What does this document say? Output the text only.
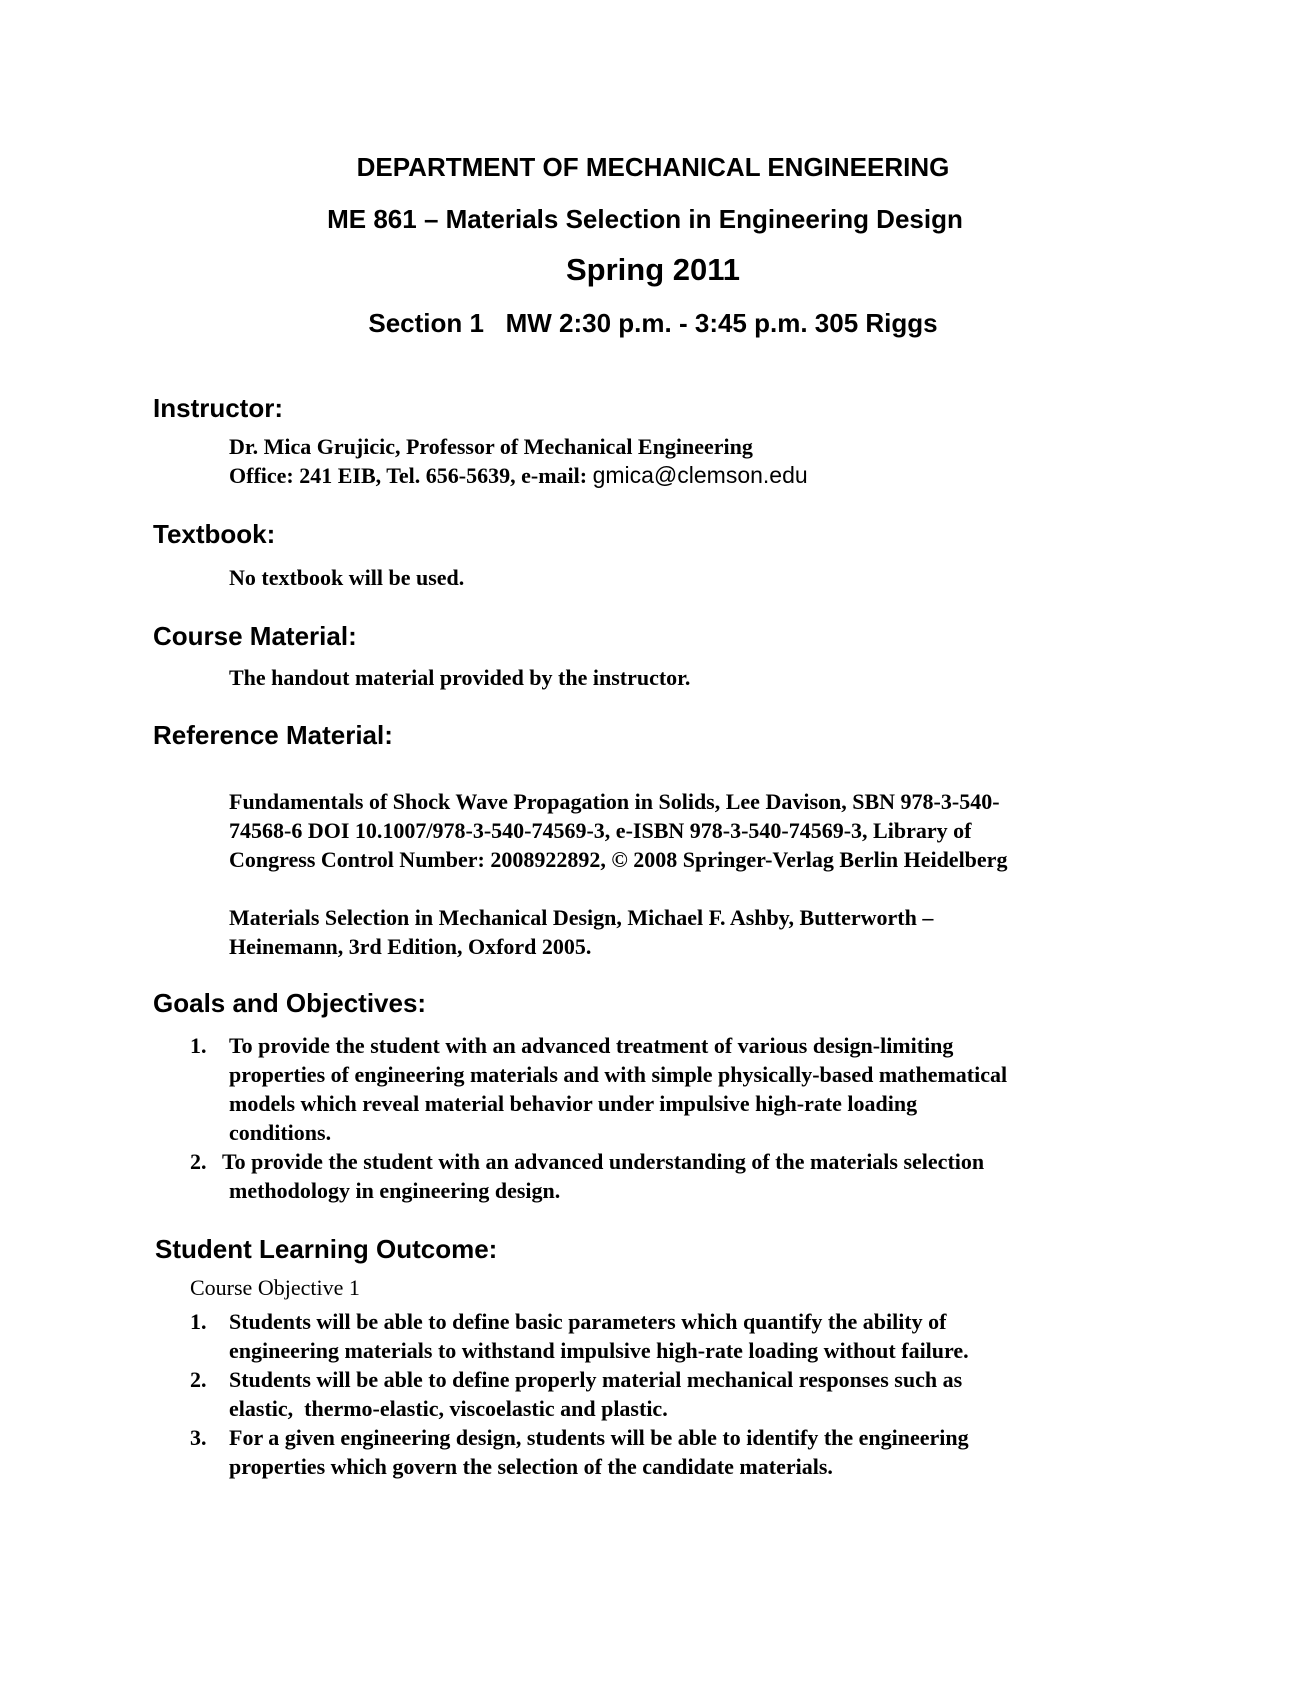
DEPARTMENT OF MECHANICAL ENGINEERING
ME 861 – Materials Selection in Engineering Design
Spring 2011
Section 1   MW 2:30 p.m. - 3:45 p.m. 305 Riggs
Instructor:
Dr. Mica Grujicic, Professor of Mechanical Engineering
Office: 241 EIB, Tel. 656-5639, e-mail: gmica@clemson.edu
Textbook:
No textbook will be used.
Course Material:
The handout material provided by the instructor.
Reference Material:
Fundamentals of Shock Wave Propagation in Solids, Lee Davison, SBN 978-3-540-
74568-6 DOI 10.1007/978-3-540-74569-3, e-ISBN 978-3-540-74569-3, Library of
Congress Control Number: 2008922892, © 2008 Springer-Verlag Berlin Heidelberg
Materials Selection in Mechanical Design, Michael F. Ashby, Butterworth –
Heinemann, 3rd Edition, Oxford 2005.
Goals and Objectives:
1. To provide the student with an advanced treatment of various design-limiting
properties of engineering materials and with simple physically-based mathematical
models which reveal material behavior under impulsive high-rate loading
conditions.
2. To provide the student with an advanced understanding of the materials selection
methodology in engineering design.
Student Learning Outcome:
Course Objective 1
1. Students will be able to define basic parameters which quantify the ability of
engineering materials to withstand impulsive high-rate loading without failure.
2. Students will be able to define properly material mechanical responses such as
elastic,  thermo-elastic, viscoelastic and plastic.
3. For a given engineering design, students will be able to identify the engineering
properties which govern the selection of the candidate materials.
